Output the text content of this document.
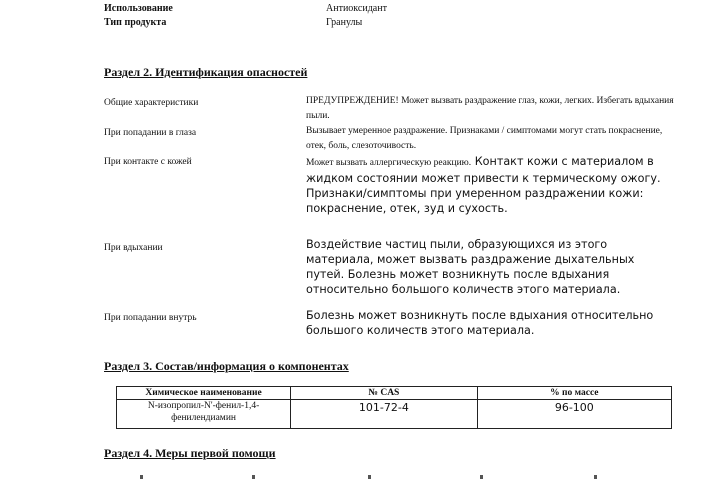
Использование	Антиоксидант
Тип продукта	Гранулы
Раздел 2. Идентификация опасностей
Общие характеристики	ПРЕДУПРЕЖДЕНИЕ! Может вызвать раздражение глаз, кожи, легких. Избегать вдыхания пыли.
При попадании в глаза	Вызывает умеренное раздражение. Признаками / симптомами могут стать покраснение, отек, боль, слезоточивость.
При контакте с кожей	Может вызвать аллергическую реакцию. Контакт кожи с материалом в жидком состоянии может привести к термическому ожогу. Признаки/симптомы при умеренном раздражении кожи: покраснение, отек, зуд и сухость.
При вдыхании	Воздействие частиц пыли, образующихся из этого материала, может вызвать раздражение дыхательных путей. Болезнь может возникнуть после вдыхания относительно большого количеств этого материала.
При попадании внутрь	Болезнь может возникнуть после вдыхания относительно большого количеств этого материала.
Раздел 3. Состав/информация о компонентах
Химическое наименование	№ CAS	% по массе
N-изопропил-N'-фенил-1,4-фенилендиамин	101-72-4	96-100
Раздел 4. Меры первой помощи
